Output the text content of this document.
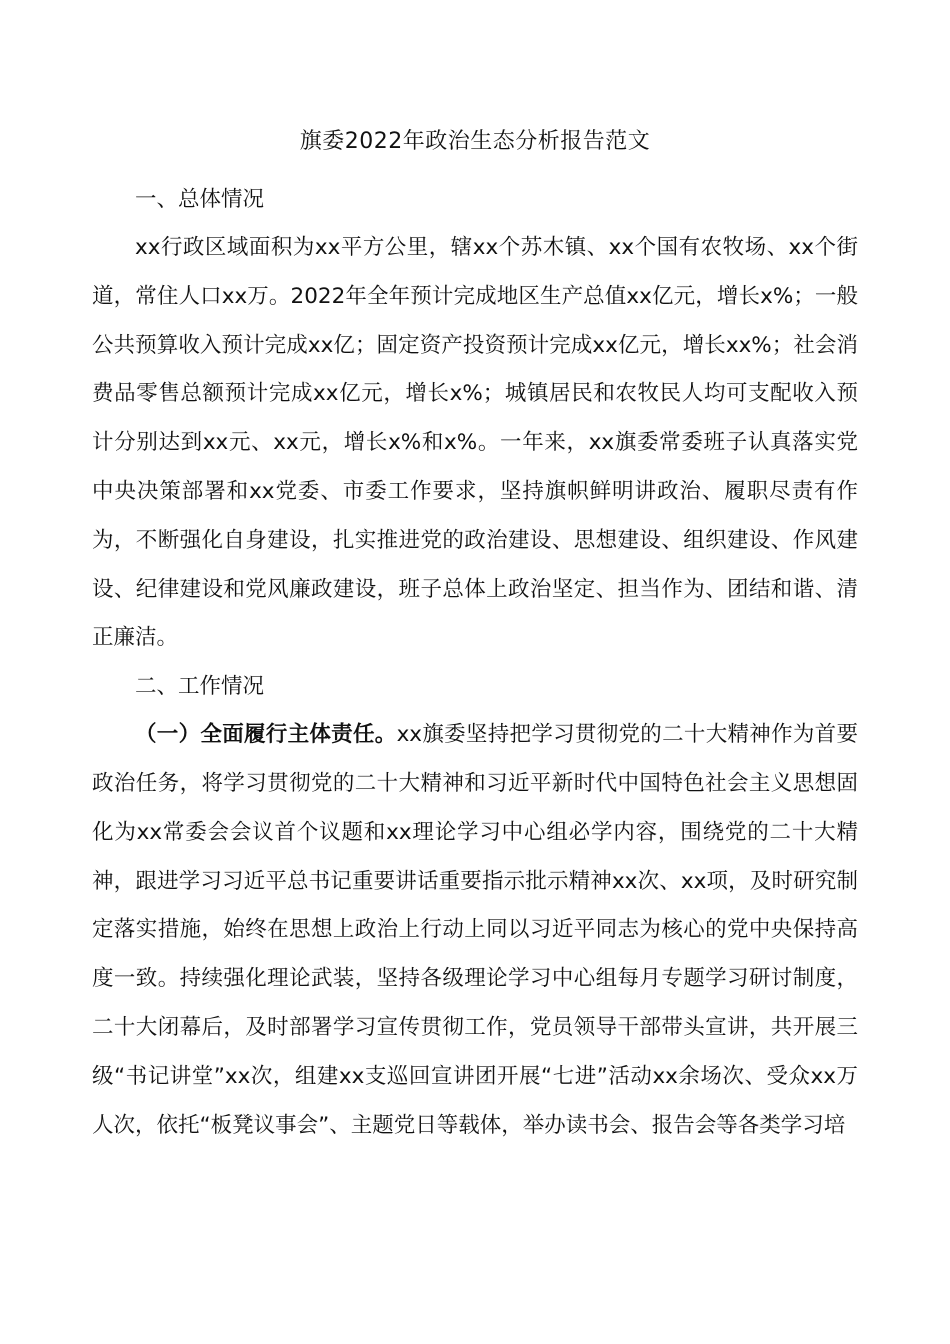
旗委2022年政治生态分析报告范文

一、总体情况

xx行政区域面积为xx平方公里，辖xx个苏木镇、xx个国有农牧场、xx个街道，常住人口xx万。2022年全年预计完成地区生产总值xx亿元，增长x%；一般公共预算收入预计完成xx亿；固定资产投资预计完成xx亿元，增长xx%；社会消费品零售总额预计完成xx亿元，增长x%；城镇居民和农牧民人均可支配收入预计分别达到xx元、xx元，增长x%和x%。一年来，xx旗委常委班子认真落实党中央决策部署和xx党委、市委工作要求，坚持旗帜鲜明讲政治、履职尽责有作为，不断强化自身建设，扎实推进党的政治建设、思想建设、组织建设、作风建设、纪律建设和党风廉政建设，班子总体上政治坚定、担当作为、团结和谐、清正廉洁。

二、工作情况

（一）全面履行主体责任。xx旗委坚持把学习贯彻党的二十大精神作为首要政治任务，将学习贯彻党的二十大精神和习近平新时代中国特色社会主义思想固化为xx常委会会议首个议题和xx理论学习中心组必学内容，围绕党的二十大精神，跟进学习习近平总书记重要讲话重要指示批示精神xx次、xx项，及时研究制定落实措施，始终在思想上政治上行动上同以习近平同志为核心的党中央保持高度一致。持续强化理论武装，坚持各级理论学习中心组每月专题学习研讨制度，二十大闭幕后，及时部署学习宣传贯彻工作，党员领导干部带头宣讲，共开展三级“书记讲堂”xx次，组建xx支巡回宣讲团开展“七进”活动xx余场次、受众xx万人次，依托“板凳议事会”、主题党日等载体，举办读书会、报告会等各类学习培
